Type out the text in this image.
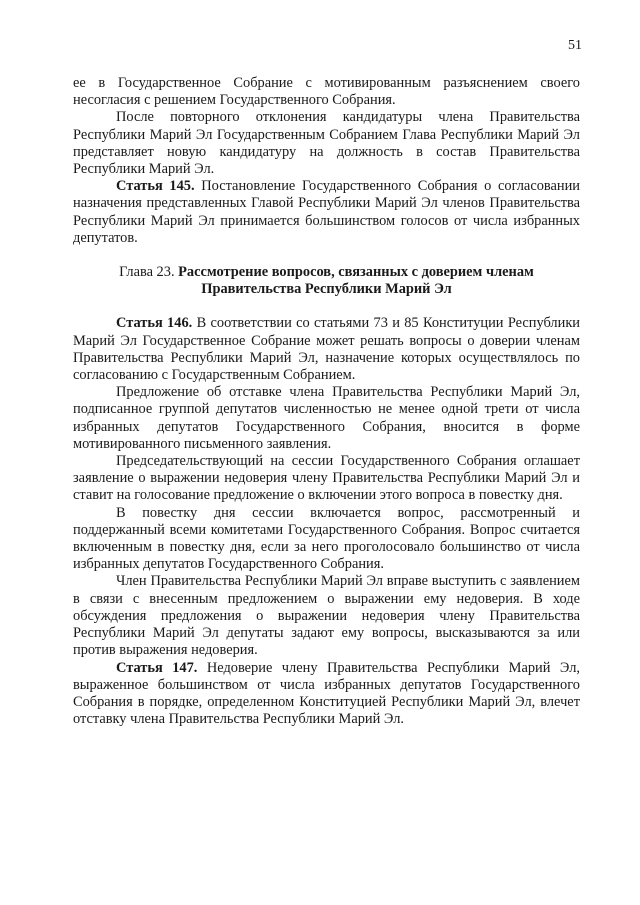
51

ее в Государственное Собрание с мотивированным разъяснением своего несогласия с решением Государственного Собрания.

После повторного отклонения кандидатуры члена Правительства Республики Марий Эл Государственным Собранием Глава Республики Марий Эл представляет новую кандидатуру на должность в состав Правительства Республики Марий Эл.

Статья 145. Постановление Государственного Собрания о согласовании назначения представленных Главой Республики Марий Эл членов Правительства Республики Марий Эл принимается большинством голосов от числа избранных депутатов.

Глава 23. Рассмотрение вопросов, связанных с доверием членам
Правительства Республики Марий Эл

Статья 146. В соответствии со статьями 73 и 85 Конституции Республики Марий Эл Государственное Собрание может решать вопросы о доверии членам Правительства Республики Марий Эл, назначение которых осуществлялось по согласованию с Государственным Собранием.

Предложение об отставке члена Правительства Республики Марий Эл, подписанное группой депутатов численностью не менее одной трети от числа избранных депутатов Государственного Собрания, вносится в форме мотивированного письменного заявления.

Председательствующий на сессии Государственного Собрания оглашает заявление о выражении недоверия члену Правительства Республики Марий Эл и ставит на голосование предложение о включении этого вопроса в повестку дня.

В повестку дня сессии включается вопрос, рассмотренный и поддержанный всеми комитетами Государственного Собрания. Вопрос считается включенным в повестку дня, если за него проголосовало большинство от числа избранных депутатов Государственного Собрания.

Член Правительства Республики Марий Эл вправе выступить с заявлением в связи с внесенным предложением о выражении ему недоверия. В ходе обсуждения предложения о выражении недоверия члену Правительства Республики Марий Эл депутаты задают ему вопросы, высказываются за или против выражения недоверия.

Статья 147. Недоверие члену Правительства Республики Марий Эл, выраженное большинством от числа избранных депутатов Государственного Собрания в порядке, определенном Конституцией Республики Марий Эл, влечет отставку члена Правительства Республики Марий Эл.
